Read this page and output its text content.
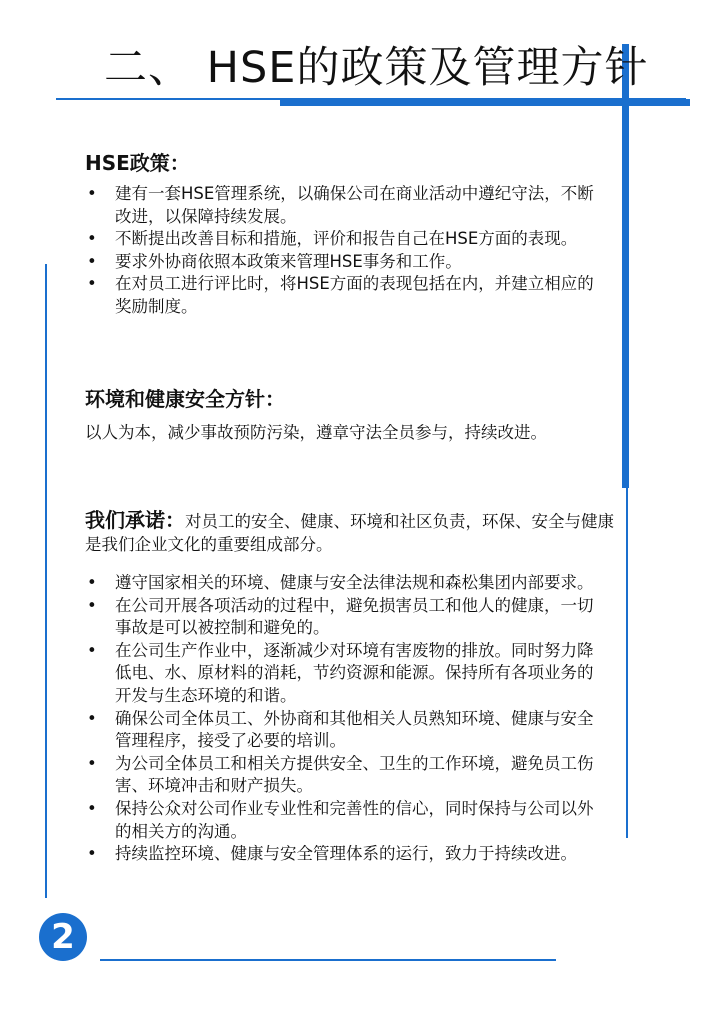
二、 HSE的政策及管理方针
HSE政策：
• 建有一套HSE管理系统，以确保公司在商业活动中遵纪守法，不断改进，以保障持续发展。
• 不断提出改善目标和措施，评价和报告自己在HSE方面的表现。
• 要求外协商依照本政策来管理HSE事务和工作。
• 在对员工进行评比时，将HSE方面的表现包括在内，并建立相应的奖励制度。
环境和健康安全方针：
以人为本，减少事故预防污染，遵章守法全员参与，持续改进。
我们承诺：对员工的安全、健康、环境和社区负责，环保、安全与健康是我们企业文化的重要组成部分。
• 遵守国家相关的环境、健康与安全法律法规和森松集团内部要求。
• 在公司开展各项活动的过程中，避免损害员工和他人的健康，一切事故是可以被控制和避免的。
• 在公司生产作业中，逐渐减少对环境有害废物的排放。同时努力降低电、水、原材料的消耗，节约资源和能源。保持所有各项业务的开发与生态环境的和谐。
• 确保公司全体员工、外协商和其他相关人员熟知环境、健康与安全管理程序，接受了必要的培训。
• 为公司全体员工和相关方提供安全、卫生的工作环境，避免员工伤害、环境冲击和财产损失。
• 保持公众对公司作业专业性和完善性的信心，同时保持与公司以外的相关方的沟通。
• 持续监控环境、健康与安全管理体系的运行，致力于持续改进。
2
